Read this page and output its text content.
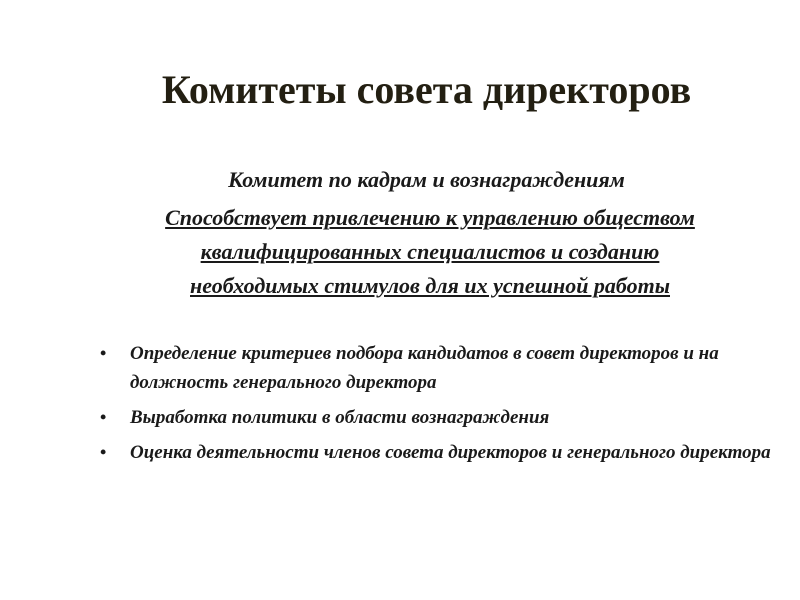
Комитеты совета директоров
Комитет по кадрам и вознаграждениям
Способствует привлечению к управлению обществом квалифицированных специалистов и созданию необходимых стимулов для их успешной работы
• Определение критериев подбора кандидатов в совет директоров и на должность генерального директора
• Выработка политики в области вознаграждения
• Оценка деятельности членов совета директоров и генерального директора
